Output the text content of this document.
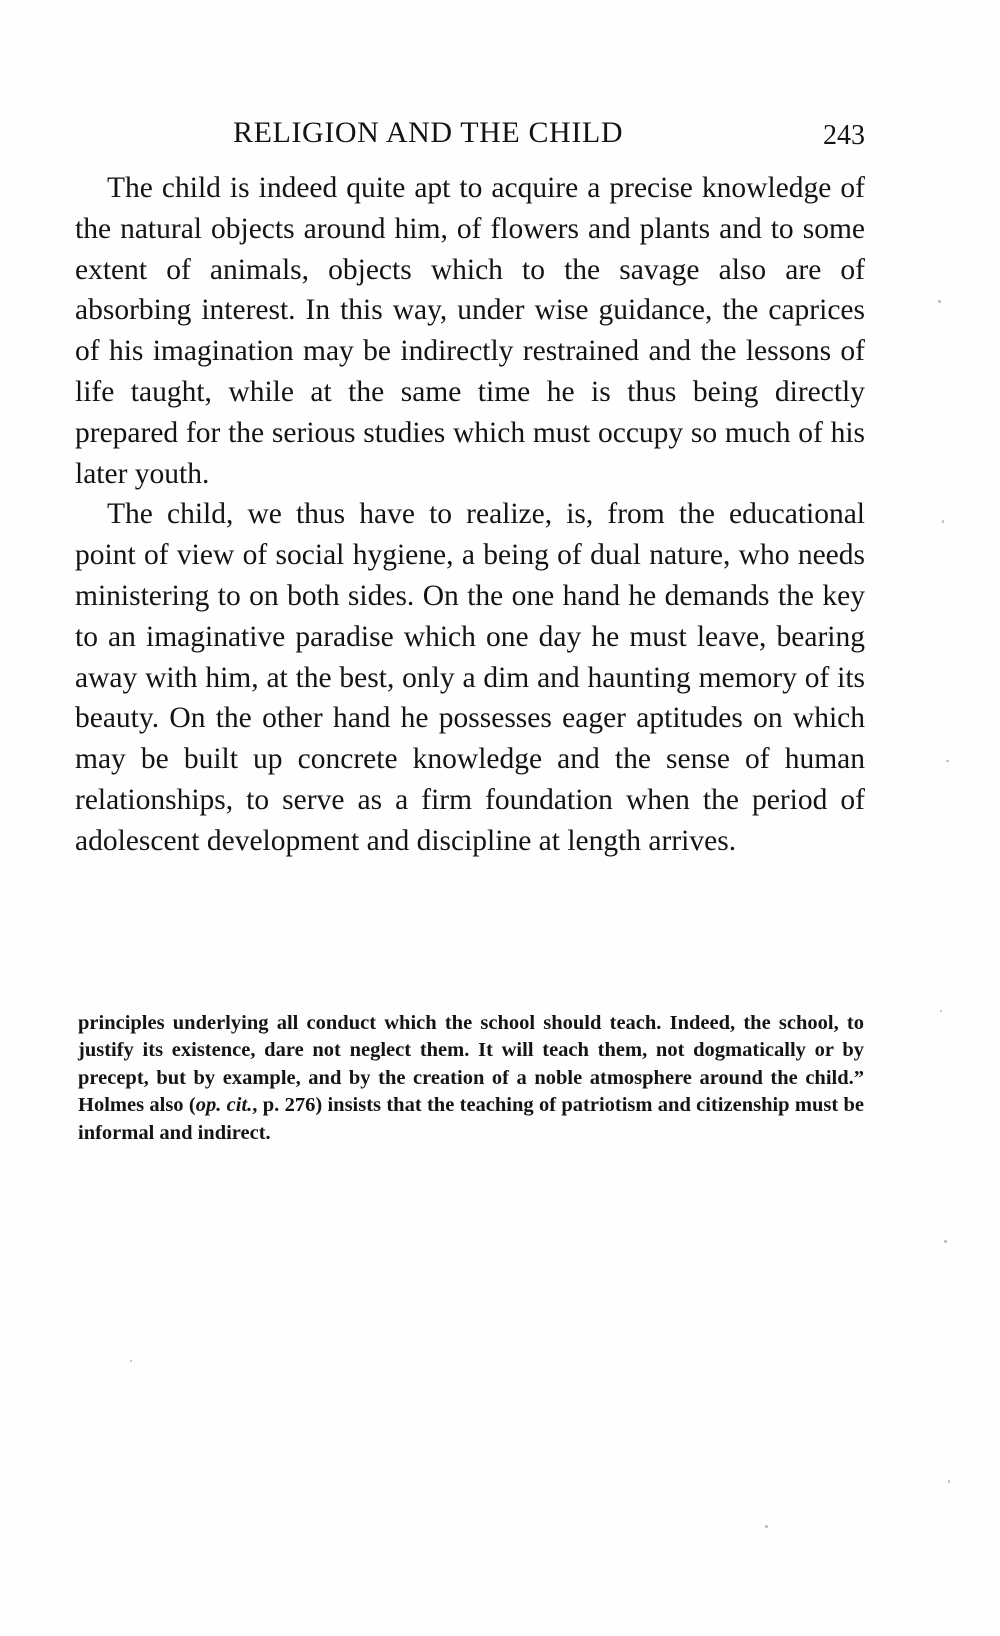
RELIGION AND THE CHILD	243

The child is indeed quite apt to acquire a precise knowledge of the natural objects around him, of flowers and plants and to some extent of animals, objects which to the savage also are of absorbing interest. In this way, under wise guidance, the caprices of his imagination may be indirectly restrained and the lessons of life taught, while at the same time he is thus being directly prepared for the serious studies which must occupy so much of his later youth.

The child, we thus have to realize, is, from the educational point of view of social hygiene, a being of dual nature, who needs ministering to on both sides. On the one hand he demands the key to an imaginative paradise which one day he must leave, bearing away with him, at the best, only a dim and haunting memory of its beauty. On the other hand he possesses eager aptitudes on which may be built up concrete knowledge and the sense of human relationships, to serve as a firm foundation when the period of adolescent development and discipline at length arrives.

principles underlying all conduct which the school should teach. Indeed, the school, to justify its existence, dare not neglect them. It will teach them, not dogmatically or by precept, but by example, and by the creation of a noble atmosphere around the child.” Holmes also (op. cit., p. 276) insists that the teaching of patriotism and citizenship must be informal and indirect.
